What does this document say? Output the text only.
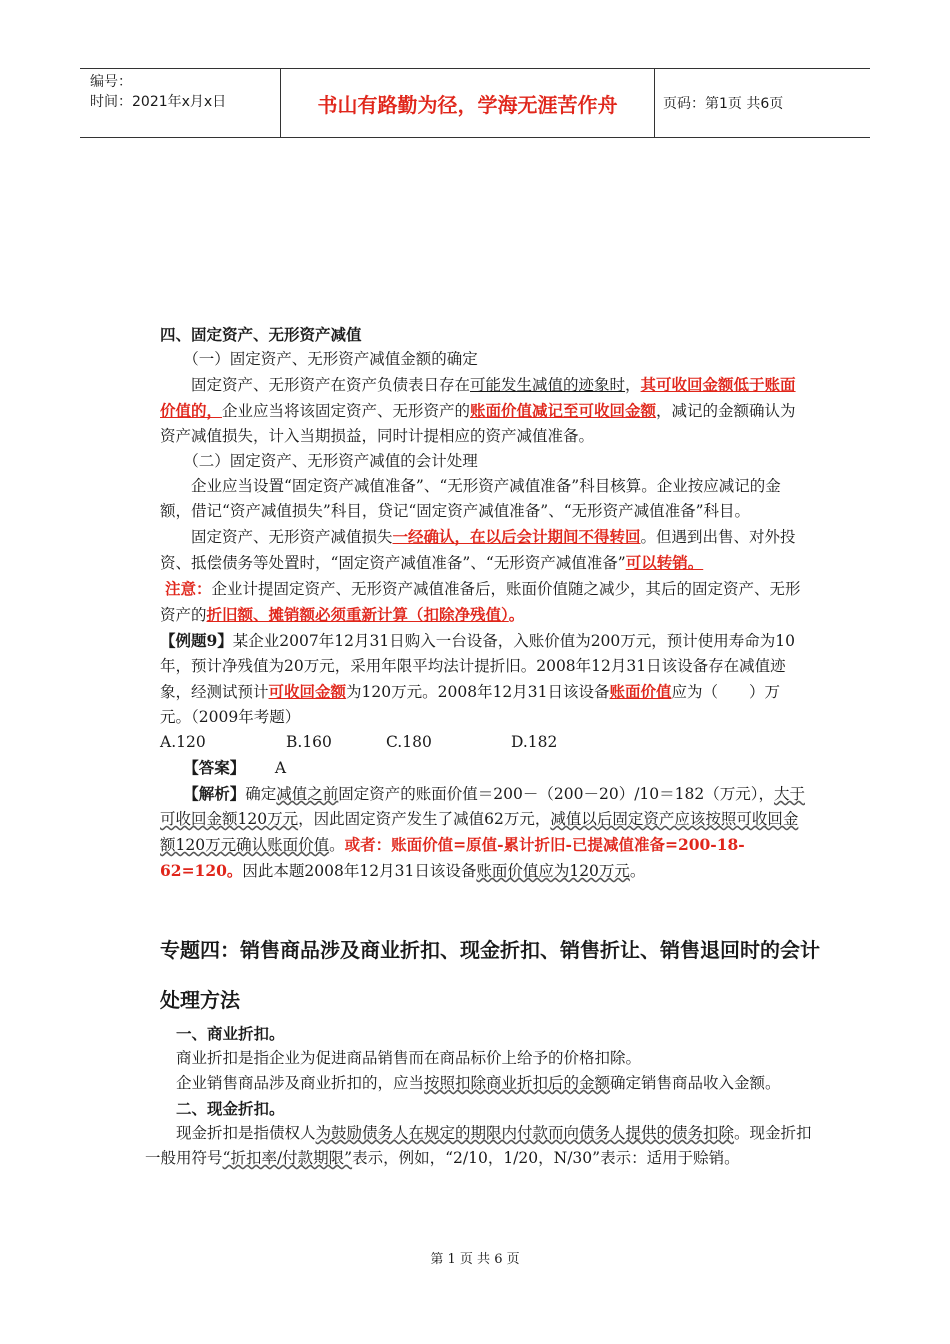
编号：
时间：2021年x月x日	书山有路勤为径，学海无涯苦作舟	页码：第1页 共6页

四、固定资产、无形资产减值

（一）固定资产、无形资产减值金额的确定

固定资产、无形资产在资产负债表日存在可能发生减值的迹象时，其可收回金额低于账面价值的，企业应当将该固定资产、无形资产的账面价值减记至可收回金额，减记的金额确认为资产减值损失，计入当期损益，同时计提相应的资产减值准备。

（二）固定资产、无形资产减值的会计处理

企业应当设置“固定资产减值准备”、“无形资产减值准备”科目核算。企业按应减记的金额，借记“资产减值损失”科目，贷记“固定资产减值准备”、“无形资产减值准备”科目。

固定资产、无形资产减值损失一经确认，在以后会计期间不得转回。但遇到出售、对外投资、抵偿债务等处置时，“固定资产减值准备”、“无形资产减值准备”可以转销。

注意：企业计提固定资产、无形资产减值准备后，账面价值随之减少，其后的固定资产、无形资产的折旧额、摊销额必须重新计算（扣除净残值）。

【例题9】某企业2007年12月31日购入一台设备，入账价值为200万元，预计使用寿命为10年，预计净残值为20万元，采用年限平均法计提折旧。2008年12月31日该设备存在减值迹象，经测试预计可收回金额为120万元。2008年12月31日该设备账面价值应为（　　）万元。（2009年考题）

A.120	B.160	C.180	D.182

【答案】 A

【解析】确定减值之前固定资产的账面价值＝200－（200－20）/10＝182（万元），大于可收回金额120万元，因此固定资产发生了减值62万元，减值以后固定资产应该按照可收回金额120万元确认账面价值。或者：账面价值=原值-累计折旧-已提减值准备=200-18-62=120。因此本题2008年12月31日该设备账面价值应为120万元。

专题四：销售商品涉及商业折扣、现金折扣、销售折让、销售退回时的会计处理方法

一、商业折扣。

商业折扣是指企业为促进商品销售而在商品标价上给予的价格扣除。

企业销售商品涉及商业折扣的，应当按照扣除商业折扣后的金额确定销售商品收入金额。

二、现金折扣。

现金折扣是指债权人为鼓励债务人在规定的期限内付款而向债务人提供的债务扣除。现金折扣一般用符号“折扣率/付款期限”表示，例如，“2/10，1/20，N/30”表示：适用于赊销。

第 1 页 共 6 页
